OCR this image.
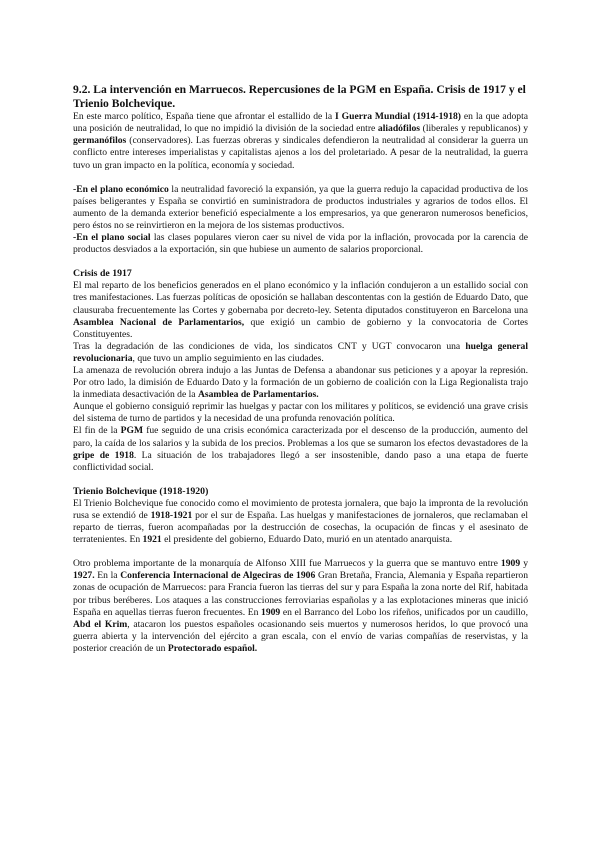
9.2. La intervención en Marruecos. Repercusiones de la PGM en España. Crisis de 1917 y el Trienio Bolchevique.

En este marco político, España tiene que afrontar el estallido de la I Guerra Mundial (1914-1918) en la que adopta una posición de neutralidad, lo que no impidió la división de la sociedad entre aliadófilos (liberales y republicanos) y germanófilos (conservadores). Las fuerzas obreras y sindicales defendieron la neutralidad al considerar la guerra un conflicto entre intereses imperialistas y capitalistas ajenos a los del proletariado. A pesar de la neutralidad, la guerra tuvo un gran impacto en la política, economía y sociedad.

-En el plano económico la neutralidad favoreció la expansión, ya que la guerra redujo la capacidad productiva de los países beligerantes y España se convirtió en suministradora de productos industriales y agrarios de todos ellos. El aumento de la demanda exterior benefició especialmente a los empresarios, ya que generaron numerosos beneficios, pero éstos no se reinvirtieron en la mejora de los sistemas productivos.

-En el plano social las clases populares vieron caer su nivel de vida por la inflación, provocada por la carencia de productos desviados a la exportación, sin que hubiese un aumento de salarios proporcional.

Crisis de 1917

El mal reparto de los beneficios generados en el plano económico y la inflación condujeron a un estallido social con tres manifestaciones. Las fuerzas políticas de oposición se hallaban descontentas con la gestión de Eduardo Dato, que clausuraba frecuentemente las Cortes y gobernaba por decreto-ley. Setenta diputados constituyeron en Barcelona una Asamblea Nacional de Parlamentarios, que exigió un cambio de gobierno y la convocatoria de Cortes Constituyentes.

Tras la degradación de las condiciones de vida, los sindicatos CNT y UGT convocaron una huelga general revolucionaria, que tuvo un amplio seguimiento en las ciudades.

La amenaza de revolución obrera indujo a las Juntas de Defensa a abandonar sus peticiones y a apoyar la represión. Por otro lado, la dimisión de Eduardo Dato y la formación de un gobierno de coalición con la Liga Regionalista trajo la inmediata desactivación de la Asamblea de Parlamentarios.

Aunque el gobierno consiguió reprimir las huelgas y pactar con los militares y políticos, se evidenció una grave crisis del sistema de turno de partidos y la necesidad de una profunda renovación política.

El fin de la PGM fue seguido de una crisis económica caracterizada por el descenso de la producción, aumento del paro, la caída de los salarios y la subida de los precios. Problemas a los que se sumaron los efectos devastadores de la gripe de 1918. La situación de los trabajadores llegó a ser insostenible, dando paso a una etapa de fuerte conflictividad social.

Trienio Bolchevique (1918-1920)

El Trienio Bolchevique fue conocido como el movimiento de protesta jornalera, que bajo la impronta de la revolución rusa se extendió de 1918-1921 por el sur de España. Las huelgas y manifestaciones de jornaleros, que reclamaban el reparto de tierras, fueron acompañadas por la destrucción de cosechas, la ocupación de fincas y el asesinato de terratenientes. En 1921 el presidente del gobierno, Eduardo Dato, murió en un atentado anarquista.

Otro problema importante de la monarquía de Alfonso XIII fue Marruecos y la guerra que se mantuvo entre 1909 y 1927. En la Conferencia Internacional de Algeciras de 1906 Gran Bretaña, Francia, Alemania y España repartieron zonas de ocupación de Marruecos: para Francia fueron las tierras del sur y para España la zona norte del Rif, habitada por tribus beréberes. Los ataques a las construcciones ferroviarias españolas y a las explotaciones mineras que inició España en aquellas tierras fueron frecuentes. En 1909 en el Barranco del Lobo los rifeños, unificados por un caudillo, Abd el Krim, atacaron los puestos españoles ocasionando seis muertos y numerosos heridos, lo que provocó una guerra abierta y la intervención del ejército a gran escala, con el envío de varias compañías de reservistas, y la posterior creación de un Protectorado español.
